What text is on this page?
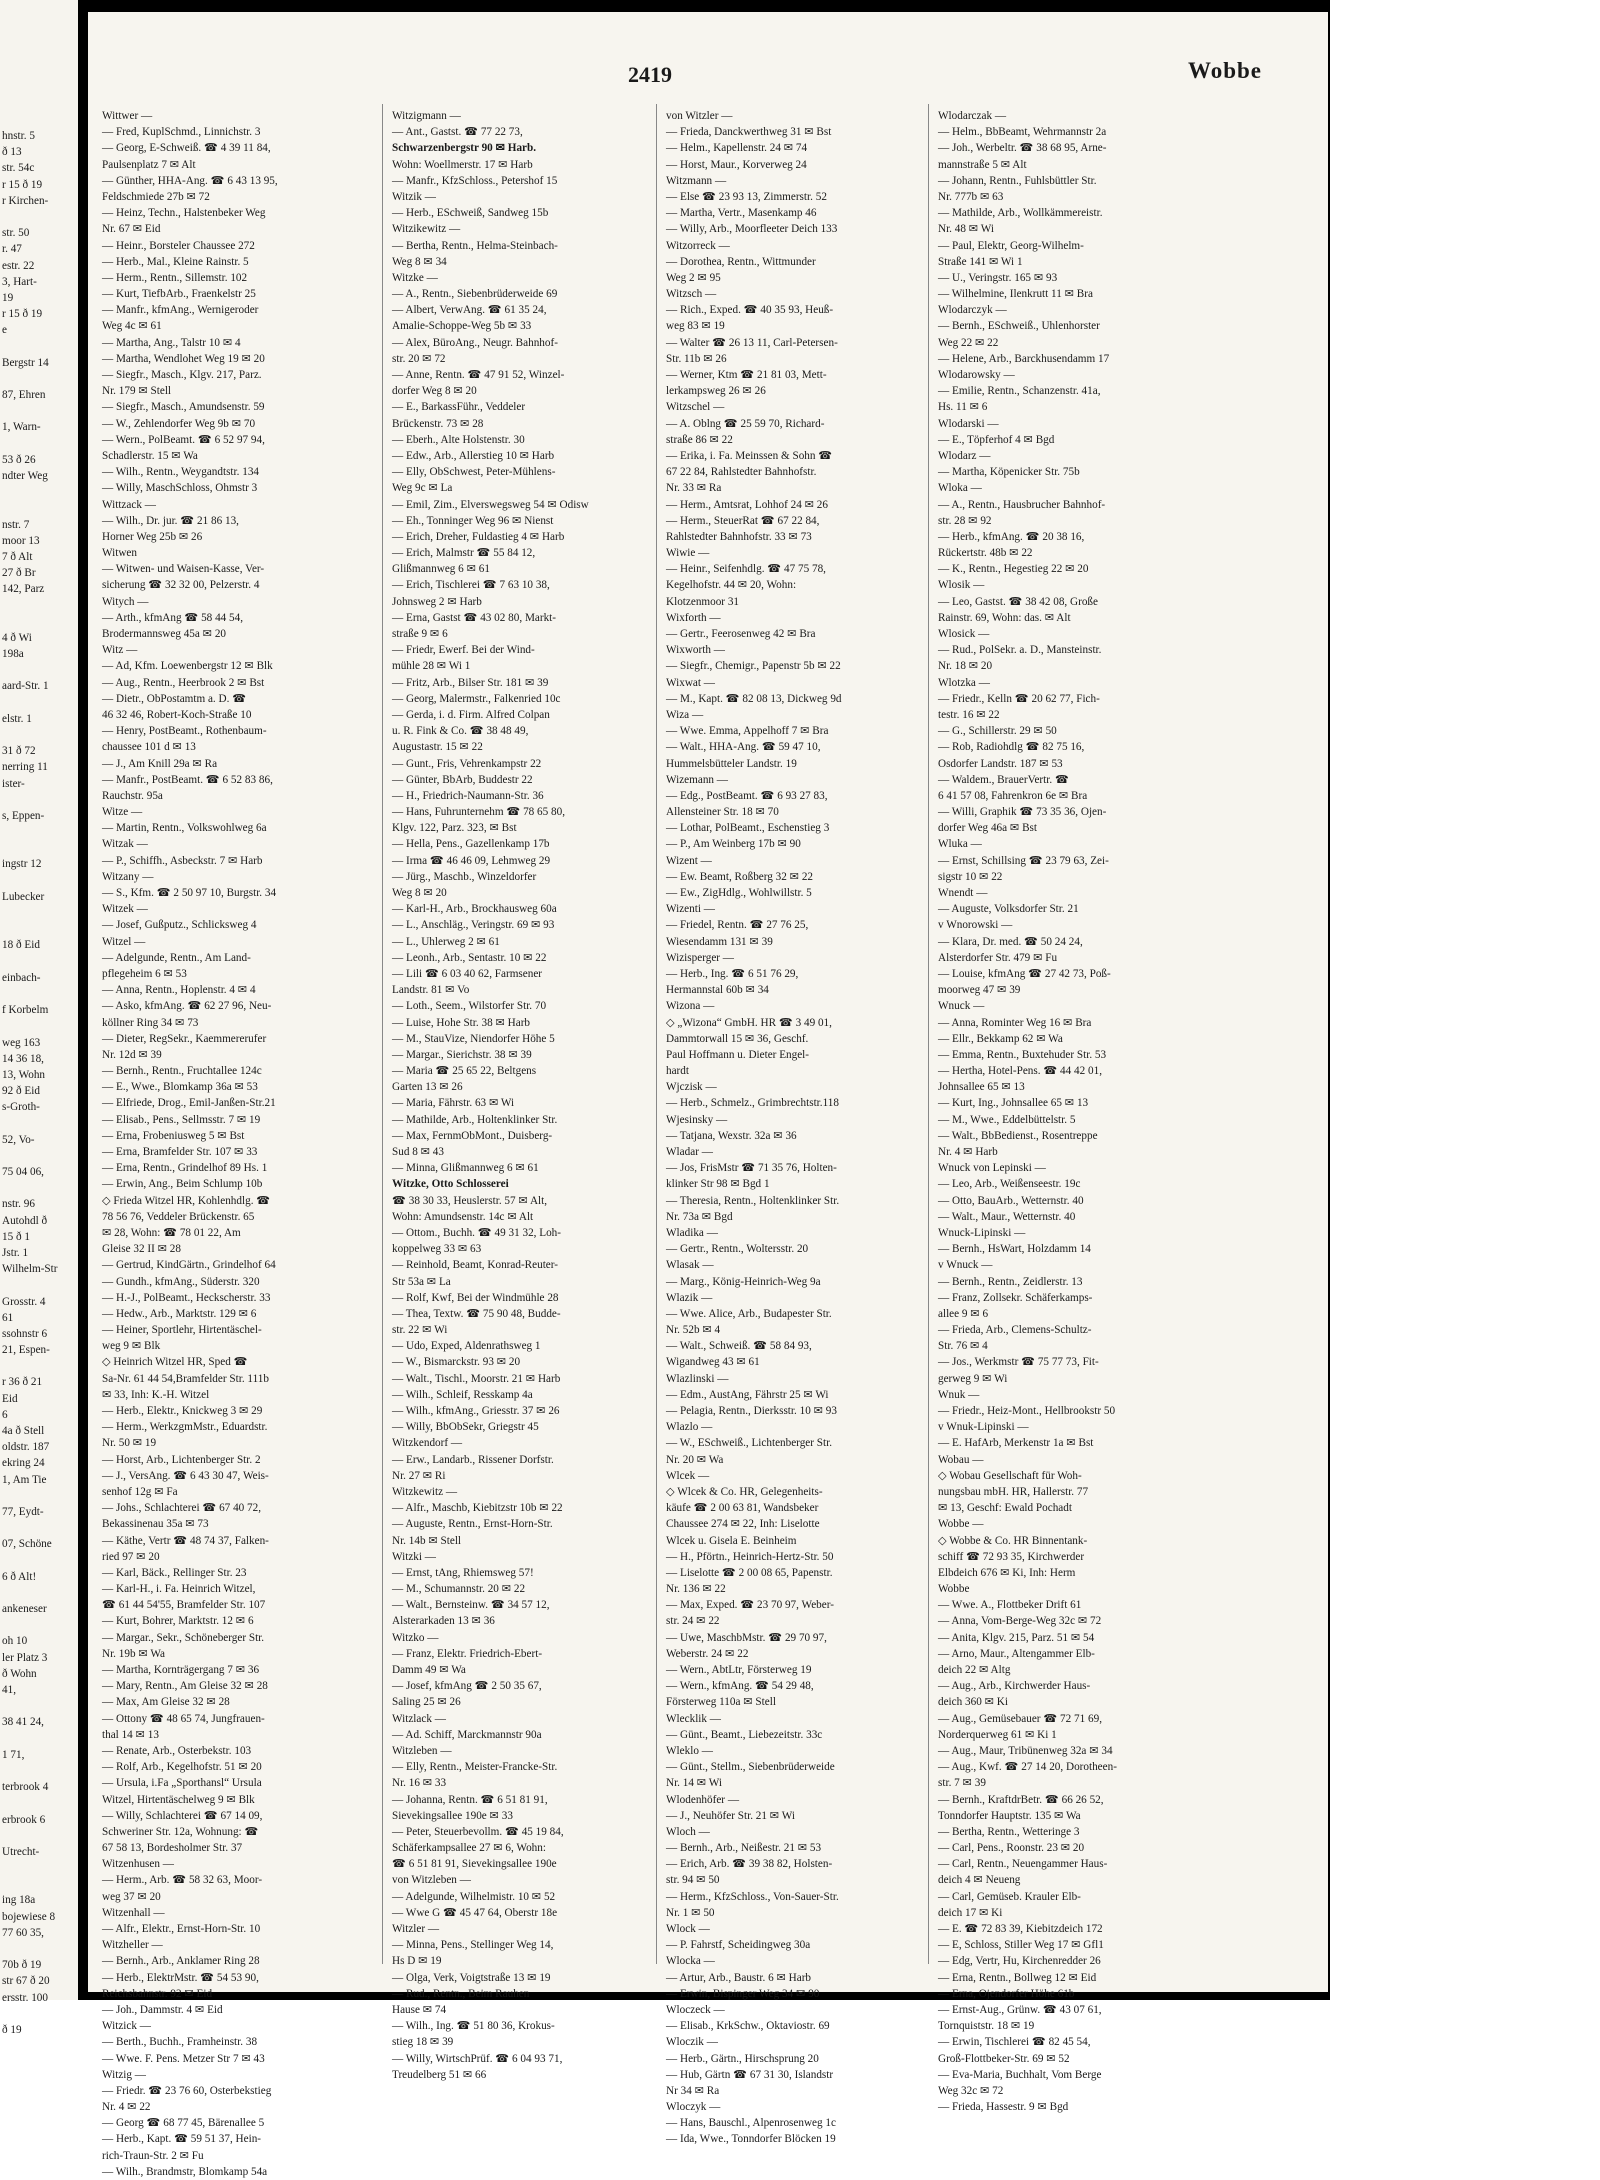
hnstr. 5
ð 13
str. 54c
r 15 ð 19
r Kirchen-
str. 50
r. 47
estr. 22
3, Hart-
19
r 15 ð 19
e
Bergstr 14
87, Ehren
1, Warn-
53 ð 26
ndter Weg
nstr. 7
moor 13
7 ð Alt
27 ð Br
142, Parz
4 ð Wi
198a
aard-Str. 1
elstr. 1
31 ð 72
nerring 11
ister-
s, Eppen-
ingstr 12
Lubecker
18 ð Eid
einbach-
f Korbelm
weg 163
14 36 18,
13, Wohn
92 ð Eid
s-Groth-
52, Vo-
75 04 06,
nstr. 96
Autohdl ð
15 ð 1
Jstr. 1
Wilhelm-Str
Grosstr. 4
61
ssohnstr 6
21, Espen-
r 36 ð 21
Eid
6
4a ð Stell
oldstr. 187
ekring 24
1, Am Tie
77, Eydt-
07, Schöne
6 ð Alt!
ankeneser
oh 10
ler Platz 3
ð Wohn
41,
38 41 24,
1 71,
terbrook 4
erbrook 6
Utrecht-
ing 18a
bojewiese 8
77 60 35,
70b ð 19
str 67 ð 20
ersstr. 100
ð 19
2419	Wobbe
Wittwer —
— Fred, KuplSchmd., Linnichstr. 3
— Georg, E-Schweiß. ☎ 4 39 11 84,
Paulsenplatz 7 ✉ Alt
— Günther, HHA-Ang. ☎ 6 43 13 95,
Feldschmiede 27b ✉ 72
— Heinz, Techn., Halstenbeker Weg
Nr. 67 ✉ Eid
— Heinr., Borsteler Chaussee 272
— Herb., Mal., Kleine Rainstr. 5
— Herm., Rentn., Sillemstr. 102
— Kurt, TiefbArb., Fraenkelstr 25
— Manfr., kfmAng., Wernigeroder
Weg 4c ✉ 61
— Martha, Ang., Talstr 10 ✉ 4
— Martha, Wendlohet Weg 19 ✉ 20
— Siegfr., Masch., Klgv. 217, Parz.
Nr. 179 ✉ Stell
— Siegfr., Masch., Amundsenstr. 59
— W., Zehlendorfer Weg 9b ✉ 70
— Wern., PolBeamt. ☎ 6 52 97 94,
Schadlerstr. 15 ✉ Wa
— Wilh., Rentn., Weygandtstr. 134
— Willy, MaschSchloss, Ohmstr 3
Wittzack —
— Wilh., Dr. jur. ☎ 21 86 13,
Horner Weg 25b ✉ 26
Witwen
— Witwen- und Waisen-Kasse, Ver-
sicherung ☎ 32 32 00, Pelzerstr. 4
Witych —
— Arth., kfmAng ☎ 58 44 54,
Brodermannsweg 45a ✉ 20
Witz —
— Ad, Kfm. Loewenbergstr 12 ✉ Blk
— Aug., Rentn., Heerbrook 2 ✉ Bst
— Dietr., ObPostamtm a. D. ☎
46 32 46, Robert-Koch-Straße 10
— Henry, PostBeamt., Rothenbaum-
chaussee 101 d ✉ 13
— J., Am Knill 29a ✉ Ra
— Manfr., PostBeamt. ☎ 6 52 83 86,
Rauchstr. 95a
Witze —
— Martin, Rentn., Volkswohlweg 6a
Witzak —
— P., Schiffh., Asbeckstr. 7 ✉ Harb
Witzany —
— S., Kfm. ☎ 2 50 97 10, Burgstr. 34
Witzek —
— Josef, Gußputz., Schlicksweg 4
Witzel —
— Adelgunde, Rentn., Am Land-
pflegeheim 6 ✉ 53
— Anna, Rentn., Hoplenstr. 4 ✉ 4
— Asko, kfmAng. ☎ 62 27 96, Neu-
köllner Ring 34 ✉ 73
— Dieter, RegSekr., Kaemmererufer
Nr. 12d ✉ 39
— Bernh., Rentn., Fruchtallee 124c
— E., Wwe., Blomkamp 36a ✉ 53
— Elfriede, Drog., Emil-Janßen-Str.21
— Elisab., Pens., Sellmsstr. 7 ✉ 19
— Erna, Frobeniusweg 5 ✉ Bst
— Erna, Bramfelder Str. 107 ✉ 33
— Erna, Rentn., Grindelhof 89 Hs. 1
— Erwin, Ang., Beim Schlump 10b
◇ Frieda Witzel HR, Kohlenhdlg. ☎
78 56 76, Veddeler Brückenstr. 65
✉ 28, Wohn: ☎ 78 01 22, Am
Gleise 32 II ✉ 28
— Gertrud, KindGärtn., Grindelhof 64
— Gundh., kfmAng., Süderstr. 320
— H.-J., PolBeamt., Heckscherstr. 33
— Hedw., Arb., Marktstr. 129 ✉ 6
— Heiner, Sportlehr, Hirtentäschel-
weg 9 ✉ Blk
◇ Heinrich Witzel HR, Sped ☎
Sa-Nr. 61 44 54,Bramfelder Str. 111b
✉ 33, Inh: K.-H. Witzel
— Herb., Elektr., Knickweg 3 ✉ 29
— Herm., WerkzgmMstr., Eduardstr.
Nr. 50 ✉ 19
— Horst, Arb., Lichtenberger Str. 2
— J., VersAng. ☎ 6 43 30 47, Weis-
senhof 12g ✉ Fa
— Johs., Schlachterei ☎ 67 40 72,
Bekassinenau 35a ✉ 73
— Käthe, Vertr ☎ 48 74 37, Falken-
ried 97 ✉ 20
— Karl, Bäck., Rellinger Str. 23
— Karl-H., i. Fa. Heinrich Witzel,
☎ 61 44 54'55, Bramfelder Str. 107
— Kurt, Bohrer, Marktstr. 12 ✉ 6
— Margar., Sekr., Schöneberger Str.
Nr. 19b ✉ Wa
— Martha, Kornträgergang 7 ✉ 36
— Mary, Rentn., Am Gleise 32 ✉ 28
— Max, Am Gleise 32 ✉ 28
— Ottony ☎ 48 65 74, Jungfrauen-
thal 14 ✉ 13
— Renate, Arb., Osterbekstr. 103
— Rolf, Arb., Kegelhofstr. 51 ✉ 20
— Ursula, i.Fa „Sporthansl“ Ursula
Witzel, Hirtentäschelweg 9 ✉ Blk
— Willy, Schlachterei ☎ 67 14 09,
Schweriner Str. 12a, Wohnung: ☎
67 58 13, Bordesholmer Str. 37
Witzenhusen —
— Herm., Arb. ☎ 58 32 63, Moor-
weg 37 ✉ 20
Witzenhall —
— Alfr., Elektr., Ernst-Horn-Str. 10
Witzheller —
— Bernh., Arb., Anklamer Ring 28
— Herb., ElektrMstr. ☎ 54 53 90,
Reichsbahnstr. 92 ✉ Eid
— Joh., Dammstr. 4 ✉ Eid
Witzick —
— Berth., Buchh., Framheinstr. 38
— Wwe. F. Pens. Metzer Str 7 ✉ 43
Witzig —
— Friedr. ☎ 23 76 60, Osterbekstieg
Nr. 4 ✉ 22
— Georg ☎ 68 77 45, Bärenallee 5
— Herb., Kapt. ☎ 59 51 37, Hein-
rich-Traun-Str. 2 ✉ Fu
— Wilh., Brandmstr, Blomkamp 54a
Witzigmann —
— Ant., Gastst. ☎ 77 22 73,
Schwarzenbergstr 90 ✉ Harb.
Wohn: Woellmerstr. 17 ✉ Harb
— Manfr., KfzSchloss., Petershof 15
Witzik —
— Herb., ESchweiß, Sandweg 15b
Witzikewitz —
— Bertha, Rentn., Helma-Steinbach-
Weg 8 ✉ 34
Witzke —
— A., Rentn., Siebenbrüderweide 69
— Albert, VerwAng. ☎ 61 35 24,
Amalie-Schoppe-Weg 5b ✉ 33
— Alex, BüroAng., Neugr. Bahnhof-
str. 20 ✉ 72
— Anne, Rentn. ☎ 47 91 52, Winzel-
dorfer Weg 8 ✉ 20
— E., BarkassFühr., Veddeler
Brückenstr. 73 ✉ 28
— Eberh., Alte Holstenstr. 30
— Edw., Arb., Allerstieg 10 ✉ Harb
— Elly, ObSchwest, Peter-Mühlens-
Weg 9c ✉ La
— Emil, Zim., Elverswegsweg 54 ✉ Odisw
— Eh., Tonninger Weg 96 ✉ Nienst
— Erich, Dreher, Fuldastieg 4 ✉ Harb
— Erich, Malmstr ☎ 55 84 12,
Glißmannweg 6 ✉ 61
— Erich, Tischlerei ☎ 7 63 10 38,
Johnsweg 2 ✉ Harb
— Erna, Gastst ☎ 43 02 80, Markt-
straße 9 ✉ 6
— Friedr, Ewerf. Bei der Wind-
mühle 28 ✉ Wi 1
— Fritz, Arb., Bilser Str. 181 ✉ 39
— Georg, Malermstr., Falkenried 10c
— Gerda, i. d. Firm. Alfred Colpan
u. R. Fink & Co. ☎ 38 48 49,
Augustastr. 15 ✉ 22
— Gunt., Fris, Vehrenkampstr 22
— Günter, BbArb, Buddestr 22
— H., Friedrich-Naumann-Str. 36
— Hans, Fuhrunternehm ☎ 78 65 80,
Klgv. 122, Parz. 323, ✉ Bst
— Hella, Pens., Gazellenkamp 17b
— Irma ☎ 46 46 09, Lehmweg 29
— Jürg., Maschb., Winzeldorfer
Weg 8 ✉ 20
— Karl-H., Arb., Brockhausweg 60a
— L., Anschläg., Veringstr. 69 ✉ 93
— L., Uhlerweg 2 ✉ 61
— Leonh., Arb., Sentastr. 10 ✉ 22
— Lili ☎ 6 03 40 62, Farmsener
Landstr. 81 ✉ Vo
— Loth., Seem., Wilstorfer Str. 70
— Luise, Hohe Str. 38 ✉ Harb
— M., StauVize, Niendorfer Höhe 5
— Margar., Sierichstr. 38 ✉ 39
— Maria ☎ 25 65 22, Beltgens
Garten 13 ✉ 26
— Maria, Fährstr. 63 ✉ Wi
— Mathilde, Arb., Holtenklinker Str.
— Max, FernmObMont., Duisberg-
Sud 8 ✉ 43
— Minna, Glißmannweg 6 ✉ 61
Witzke, Otto Schlosserei
☎ 38 30 33, Heuslerstr. 57 ✉ Alt,
Wohn: Amundsenstr. 14c ✉ Alt
— Ottom., Buchh. ☎ 49 31 32, Loh-
koppelweg 33 ✉ 63
— Reinhold, Beamt, Konrad-Reuter-
Str 53a ✉ La
— Rolf, Kwf, Bei der Windmühle 28
— Thea, Textw. ☎ 75 90 48, Budde-
str. 22 ✉ Wi
— Udo, Exped, Aldenrathsweg 1
— W., Bismarckstr. 93 ✉ 20
— Walt., Tischl., Moorstr. 21 ✉ Harb
— Wilh., Schleif, Resskamp 4a
— Wilh., kfmAng., Griesstr. 37 ✉ 26
— Willy, BbObSekr, Griegstr 45
Witzkendorf —
— Erw., Landarb., Rissener Dorfstr.
Nr. 27 ✉ Ri
Witzkewitz —
— Alfr., Maschb, Kiebitzstr 10b ✉ 22
— Auguste, Rentn., Ernst-Horn-Str.
Nr. 14b ✉ Stell
Witzki —
— Ernst, tAng, Rhiemsweg 57!
— M., Schumannstr. 20 ✉ 22
— Walt., Bernsteinw. ☎ 34 57 12,
Alsterarkaden 13 ✉ 36
Witzko —
— Franz, Elektr. Friedrich-Ebert-
Damm 49 ✉ Wa
— Josef, kfmAng ☎ 2 50 35 67,
Saling 25 ✉ 26
Witzlack —
— Ad. Schiff, Marckmannstr 90a
Witzleben —
— Elly, Rentn., Meister-Francke-Str.
Nr. 16 ✉ 33
— Johanna, Rentn. ☎ 6 51 81 91,
Sievekingsallee 190e ✉ 33
— Peter, Steuerbevollm. ☎ 45 19 84,
Schäferkampsallee 27 ✉ 6, Wohn:
☎ 6 51 81 91, Sievekingsallee 190e
von Witzleben —
— Adelgunde, Wilhelmistr. 10 ✉ 52
— Wwe G ☎ 45 47 64, Oberstr 18e
Witzler —
— Minna, Pens., Stellinger Weg 14,
Hs D ✉ 19
— Olga, Verk, Voigtstraße 13 ✉ 19
— Rud., Rentn., Beim Rauhen
Hause ✉ 74
— Wilh., Ing. ☎ 51 80 36, Krokus-
stieg 18 ✉ 39
— Willy, WirtschPrüf. ☎ 6 04 93 71,
Treudelberg 51 ✉ 66
von Witzler —
— Frieda, Danckwerthweg 31 ✉ Bst
— Helm., Kapellenstr. 24 ✉ 74
— Horst, Maur., Korverweg 24
Witzmann —
— Else ☎ 23 93 13, Zimmerstr. 52
— Martha, Vertr., Masenkamp 46
— Willy, Arb., Moorfleeter Deich 133
Witzorreck —
— Dorothea, Rentn., Wittmunder
Weg 2 ✉ 95
Witzsch —
— Rich., Exped. ☎ 40 35 93, Heuß-
weg 83 ✉ 19
— Walter ☎ 26 13 11, Carl-Petersen-
Str. 11b ✉ 26
— Werner, Ktm ☎ 21 81 03, Mett-
lerkampsweg 26 ✉ 26
Witzschel —
— A. Oblng ☎ 25 59 70, Richard-
straße 86 ✉ 22
— Erika, i. Fa. Meinssen & Sohn ☎
67 22 84, Rahlstedter Bahnhofstr.
Nr. 33 ✉ Ra
— Herm., Amtsrat, Lohhof 24 ✉ 26
— Herm., SteuerRat ☎ 67 22 84,
Rahlstedter Bahnhofstr. 33 ✉ 73
Wiwie —
— Heinr., Seifenhdlg. ☎ 47 75 78,
Kegelhofstr. 44 ✉ 20, Wohn:
Klotzenmoor 31
Wixforth —
— Gertr., Feerosenweg 42 ✉ Bra
Wixworth —
— Siegfr., Chemigr., Papenstr 5b ✉ 22
Wixwat —
— M., Kapt. ☎ 82 08 13, Dickweg 9d
Wiza —
— Wwe. Emma, Appelhoff 7 ✉ Bra
— Walt., HHA-Ang. ☎ 59 47 10,
Hummelsbütteler Landstr. 19
Wizemann —
— Edg., PostBeamt. ☎ 6 93 27 83,
Allensteiner Str. 18 ✉ 70
— Lothar, PolBeamt., Eschenstieg 3
— P., Am Weinberg 17b ✉ 90
Wizent —
— Ew. Beamt, Roßberg 32 ✉ 22
— Ew., ZigHdlg., Wohlwillstr. 5
Wizenti —
— Friedel, Rentn. ☎ 27 76 25,
Wiesendamm 131 ✉ 39
Wizisperger —
— Herb., Ing. ☎ 6 51 76 29,
Hermannstal 60b ✉ 34
Wizona —
◇ „Wizona“ GmbH. HR ☎ 3 49 01,
Dammtorwall 15 ✉ 36, Geschf.
Paul Hoffmann u. Dieter Engel-
hardt
Wjczisk —
— Herb., Schmelz., Grimbrechtstr.118
Wjesinsky —
— Tatjana, Wexstr. 32a ✉ 36
Wladar —
— Jos, FrisMstr ☎ 71 35 76, Holten-
klinker Str 98 ✉ Bgd 1
— Theresia, Rentn., Holtenklinker Str.
Nr. 73a ✉ Bgd
Wladika —
— Gertr., Rentn., Woltersstr. 20
Wlasak —
— Marg., König-Heinrich-Weg 9a
Wlazik —
— Wwe. Alice, Arb., Budapester Str.
Nr. 52b ✉ 4
— Walt., Schweiß. ☎ 58 84 93,
Wigandweg 43 ✉ 61
Wlazlinski —
— Edm., AustAng, Fährstr 25 ✉ Wi
— Pelagia, Rentn., Dierksstr. 10 ✉ 93
Wlazlo —
— W., ESchweiß., Lichtenberger Str.
Nr. 20 ✉ Wa
Wlcek —
◇ Wlcek & Co. HR, Gelegenheits-
käufe ☎ 2 00 63 81, Wandsbeker
Chaussee 274 ✉ 22, Inh: Liselotte
Wlcek u. Gisela E. Beinheim
— H., Pförtn., Heinrich-Hertz-Str. 50
— Liselotte ☎ 2 00 08 65, Papenstr.
Nr. 136 ✉ 22
— Max, Exped. ☎ 23 70 97, Weber-
str. 24 ✉ 22
— Uwe, MaschbMstr. ☎ 29 70 97,
Weberstr. 24 ✉ 22
— Wern., AbtLtr, Försterweg 19
— Wern., kfmAng. ☎ 54 29 48,
Försterweg 110a ✉ Stell
Wlecklik —
— Günt., Beamt., Liebezeitstr. 33c
Wleklo —
— Günt., Stellm., Siebenbrüderweide
Nr. 14 ✉ Wi
Wlodenhöfer —
— J., Neuhöfer Str. 21 ✉ Wi
Wloch —
— Bernh., Arb., Neißestr. 21 ✉ 53
— Erich, Arb. ☎ 39 38 82, Holsten-
str. 94 ✉ 50
— Herm., KfzSchloss., Von-Sauer-Str.
Nr. 1 ✉ 50
Wlock —
— P. Fahrstf, Scheidingweg 30a
Wlocka —
— Artur, Arb., Baustr. 6 ✉ Harb
— Erwin, Bispinger Weg 34 ✉ 90
Wloczeck —
— Elisab., KrkSchw., Oktaviostr. 69
Wloczik —
— Herb., Gärtn., Hirschsprung 20
— Hub, Gärtn ☎ 67 31 30, Islandstr
Nr 34 ✉ Ra
Wloczyk —
— Hans, Bauschl., Alpenrosenweg 1c
— Ida, Wwe., Tonndorfer Blöcken 19
Wlodarczak —
— Helm., BbBeamt, Wehrmannstr 2a
— Joh., Werbeltr. ☎ 38 68 95, Arne-
mannstraße 5 ✉ Alt
— Johann, Rentn., Fuhlsbüttler Str.
Nr. 777b ✉ 63
— Mathilde, Arb., Wollkämmereistr.
Nr. 48 ✉ Wi
— Paul, Elektr, Georg-Wilhelm-
Straße 141 ✉ Wi 1
— U., Veringstr. 165 ✉ 93
— Wilhelmine, Ilenkrutt 11 ✉ Bra
Wlodarczyk —
— Bernh., ESchweiß., Uhlenhorster
Weg 22 ✉ 22
— Helene, Arb., Barckhusendamm 17
Wlodarowsky —
— Emilie, Rentn., Schanzenstr. 41a,
Hs. 11 ✉ 6
Wlodarski —
— E., Töpferhof 4 ✉ Bgd
Wlodarz —
— Martha, Köpenicker Str. 75b
Wloka —
— A., Rentn., Hausbrucher Bahnhof-
str. 28 ✉ 92
— Herb., kfmAng. ☎ 20 38 16,
Rückertstr. 48b ✉ 22
— K., Rentn., Hegestieg 22 ✉ 20
Wlosik —
— Leo, Gastst. ☎ 38 42 08, Große
Rainstr. 69, Wohn: das. ✉ Alt
Wlosick —
— Rud., PolSekr. a. D., Mansteinstr.
Nr. 18 ✉ 20
Wlotzka —
— Friedr., Kelln ☎ 20 62 77, Fich-
testr. 16 ✉ 22
— G., Schillerstr. 29 ✉ 50
— Rob, Radiohdlg ☎ 82 75 16,
Osdorfer Landstr. 187 ✉ 53
— Waldem., BrauerVertr. ☎
6 41 57 08, Fahrenkron 6e ✉ Bra
— Willi, Graphik ☎ 73 35 36, Ojen-
dorfer Weg 46a ✉ Bst
Wluka —
— Ernst, Schillsing ☎ 23 79 63, Zei-
sigstr 10 ✉ 22
Wnendt —
— Auguste, Volksdorfer Str. 21
v Wnorowski —
— Klara, Dr. med. ☎ 50 24 24,
Alsterdorfer Str. 479 ✉ Fu
— Louise, kfmAng ☎ 27 42 73, Poß-
moorweg 47 ✉ 39
Wnuck —
— Anna, Rominter Weg 16 ✉ Bra
— Ellr., Bekkamp 62 ✉ Wa
— Emma, Rentn., Buxtehuder Str. 53
— Hertha, Hotel-Pens. ☎ 44 42 01,
Johnsallee 65 ✉ 13
— Kurt, Ing., Johnsallee 65 ✉ 13
— M., Wwe., Eddelbüttelstr. 5
— Walt., BbBedienst., Rosentreppe
Nr. 4 ✉ Harb
Wnuck von Lepinski —
— Leo, Arb., Weißenseestr. 19c
— Otto, BauArb., Wetternstr. 40
— Walt., Maur., Wetternstr. 40
Wnuck-Lipinski —
— Bernh., HsWart, Holzdamm 14
v Wnuck —
— Bernh., Rentn., Zeidlerstr. 13
— Franz, Zollsekr. Schäferkamps-
allee 9 ✉ 6
— Frieda, Arb., Clemens-Schultz-
Str. 76 ✉ 4
— Jos., Werkmstr ☎ 75 77 73, Fit-
gerweg 9 ✉ Wi
Wnuk —
— Friedr., Heiz-Mont., Hellbrookstr 50
v Wnuk-Lipinski —
— E. HafArb, Merkenstr 1a ✉ Bst
Wobau —
◇ Wobau Gesellschaft für Woh-
nungsbau mbH. HR, Hallerstr. 77
✉ 13, Geschf: Ewald Pochadt
Wobbe —
◇ Wobbe & Co. HR Binnentank-
schiff ☎ 72 93 35, Kirchwerder
Elbdeich 676 ✉ Ki, Inh: Herm
Wobbe
— Wwe. A., Flottbeker Drift 61
— Anna, Vom-Berge-Weg 32c ✉ 72
— Anita, Klgv. 215, Parz. 51 ✉ 54
— Arno, Maur., Altengammer Elb-
deich 22 ✉ Altg
— Aug., Arb., Kirchwerder Haus-
deich 360 ✉ Ki
— Aug., Gemüsebauer ☎ 72 71 69,
Norderquerweg 61 ✉ Ki 1
— Aug., Maur, Tribünenweg 32a ✉ 34
— Aug., Kwf. ☎ 27 14 20, Dorotheen-
str. 7 ✉ 39
— Bernh., KraftdrBetr. ☎ 66 26 52,
Tonndorfer Hauptstr. 135 ✉ Wa
— Bertha, Rentn., Wetteringe 3
— Carl, Pens., Roonstr. 23 ✉ 20
— Carl, Rentn., Neuengammer Haus-
deich 4 ✉ Neueng
— Carl, Gemüseb. Krauler Elb-
deich 17 ✉ Ki
— E. ☎ 72 83 39, Kiebitzdeich 172
— E, Schloss, Stiller Weg 17 ✉ Gfl1
— Edg, Vertr, Hu, Kirchenredder 26
— Erna, Rentn., Bollweg 12 ✉ Eid
— Erna, Ojendorfer Höhe 61b
— Ernst-Aug., Grünw. ☎ 43 07 61,
Tornquiststr. 18 ✉ 19
— Erwin, Tischlerei ☎ 82 45 54,
Groß-Flottbeker-Str. 69 ✉ 52
— Eva-Maria, Buchhalt, Vom Berge
Weg 32c ✉ 72
— Frieda, Hassestr. 9 ✉ Bgd
